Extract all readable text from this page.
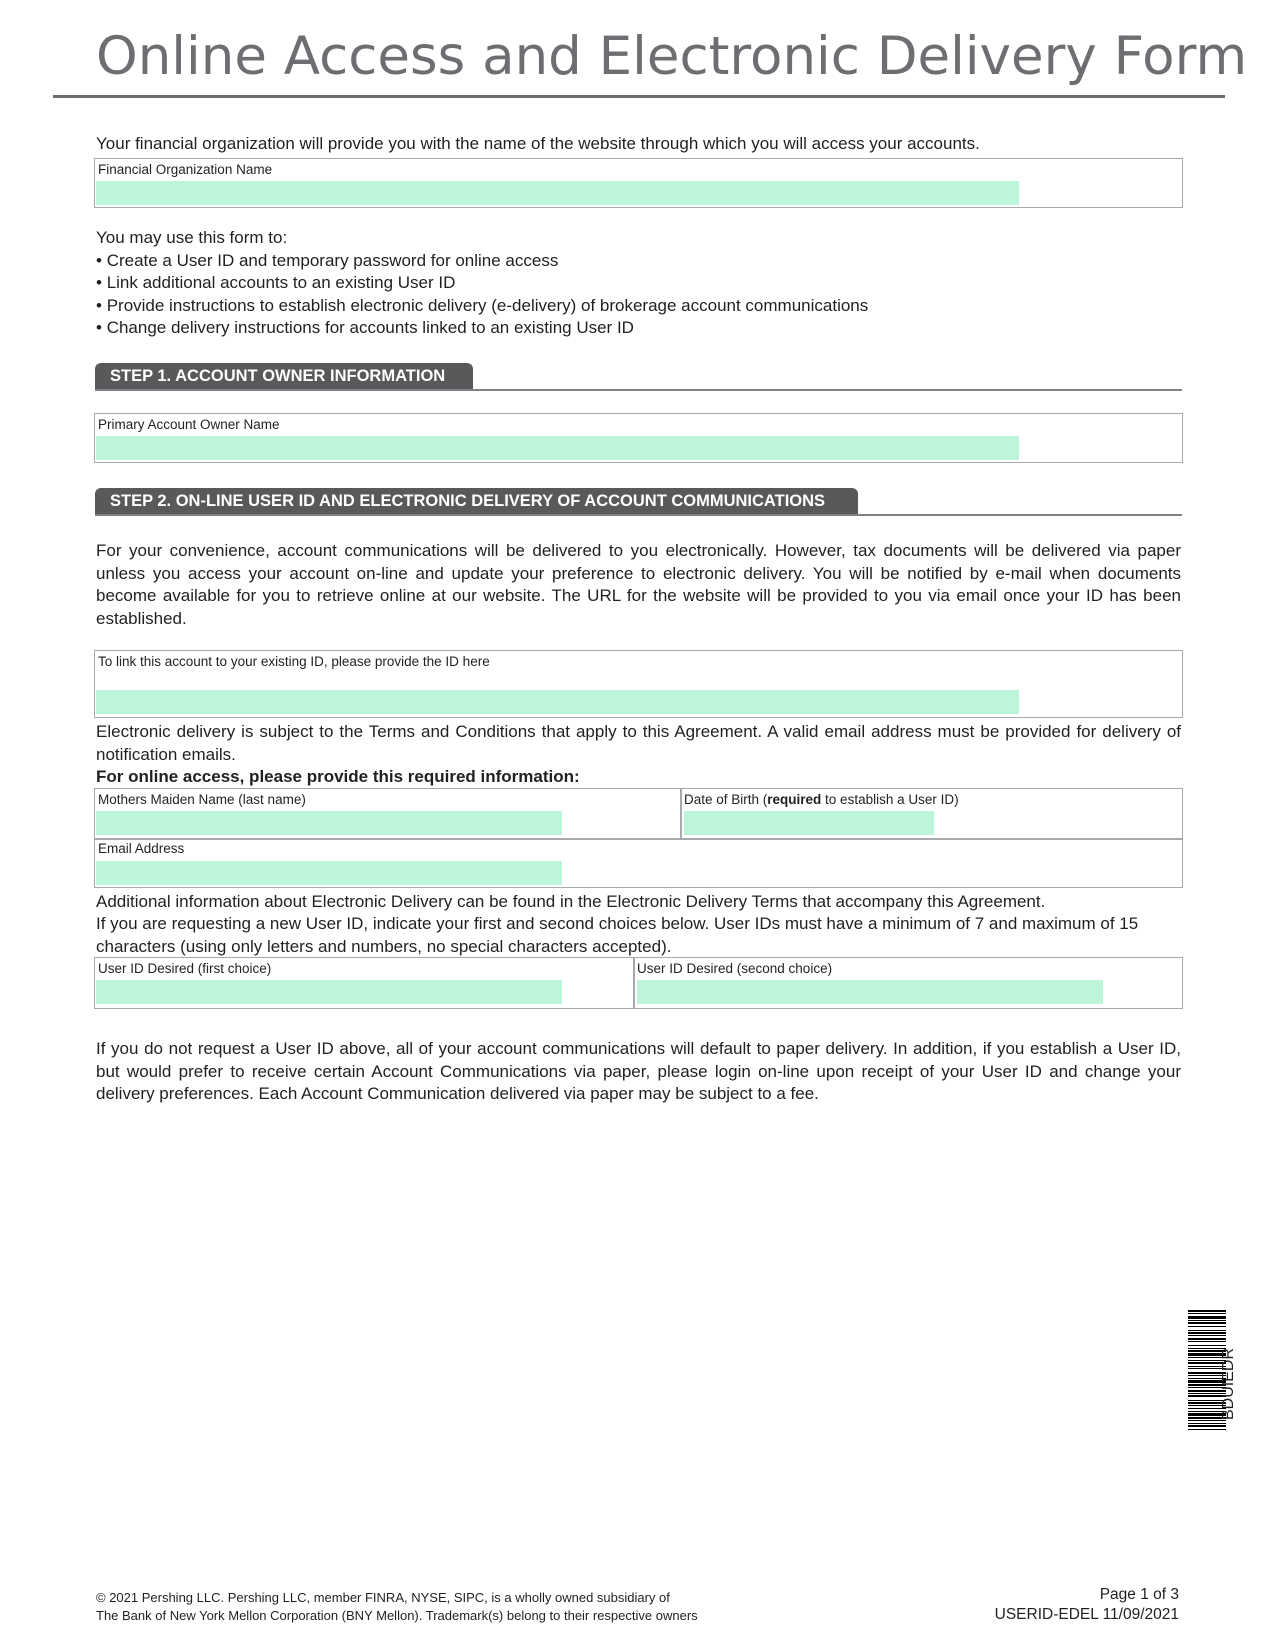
Online Access and Electronic Delivery Form
Your financial organization will provide you with the name of the website through which you will access your accounts.
Financial Organization Name
You may use this form to:
• Create a User ID and temporary password for online access
• Link additional accounts to an existing User ID
• Provide instructions to establish electronic delivery (e-delivery) of brokerage account communications
• Change delivery instructions for accounts linked to an existing User ID
STEP 1. ACCOUNT OWNER INFORMATION
Primary Account Owner Name
STEP 2. ON-LINE USER ID AND ELECTRONIC DELIVERY OF ACCOUNT COMMUNICATIONS
For your convenience, account communications will be delivered to you electronically. However, tax documents will be delivered via paper unless you access your account on-line and update your preference to electronic delivery. You will be notified by e-mail when documents become available for you to retrieve online at our website. The URL for the website will be provided to you via email once your ID has been established.
To link this account to your existing ID, please provide the ID here
Electronic delivery is subject to the Terms and Conditions that apply to this Agreement. A valid email address must be provided for delivery of notification emails.
For online access, please provide this required information:
Mothers Maiden Name (last name)	Date of Birth (required to establish a User ID)
Email Address
Additional information about Electronic Delivery can be found in the Electronic Delivery Terms that accompany this Agreement.
If you are requesting a new User ID, indicate your first and second choices below. User IDs must have a minimum of 7 and maximum of 15 characters (using only letters and numbers, no special characters accepted).
User ID Desired (first choice)	User ID Desired (second choice)
If you do not request a User ID above, all of your account communications will default to paper delivery. In addition, if you establish a User ID, but would prefer to receive certain Account Communications via paper, please login on-line upon receipt of your User ID and change your delivery preferences. Each Account Communication delivered via paper may be subject to a fee.
BDUIEDR
© 2021 Pershing LLC. Pershing LLC, member FINRA, NYSE, SIPC, is a wholly owned subsidiary of
The Bank of New York Mellon Corporation (BNY Mellon). Trademark(s) belong to their respective owners
Page 1 of 3
USERID-EDEL 11/09/2021
